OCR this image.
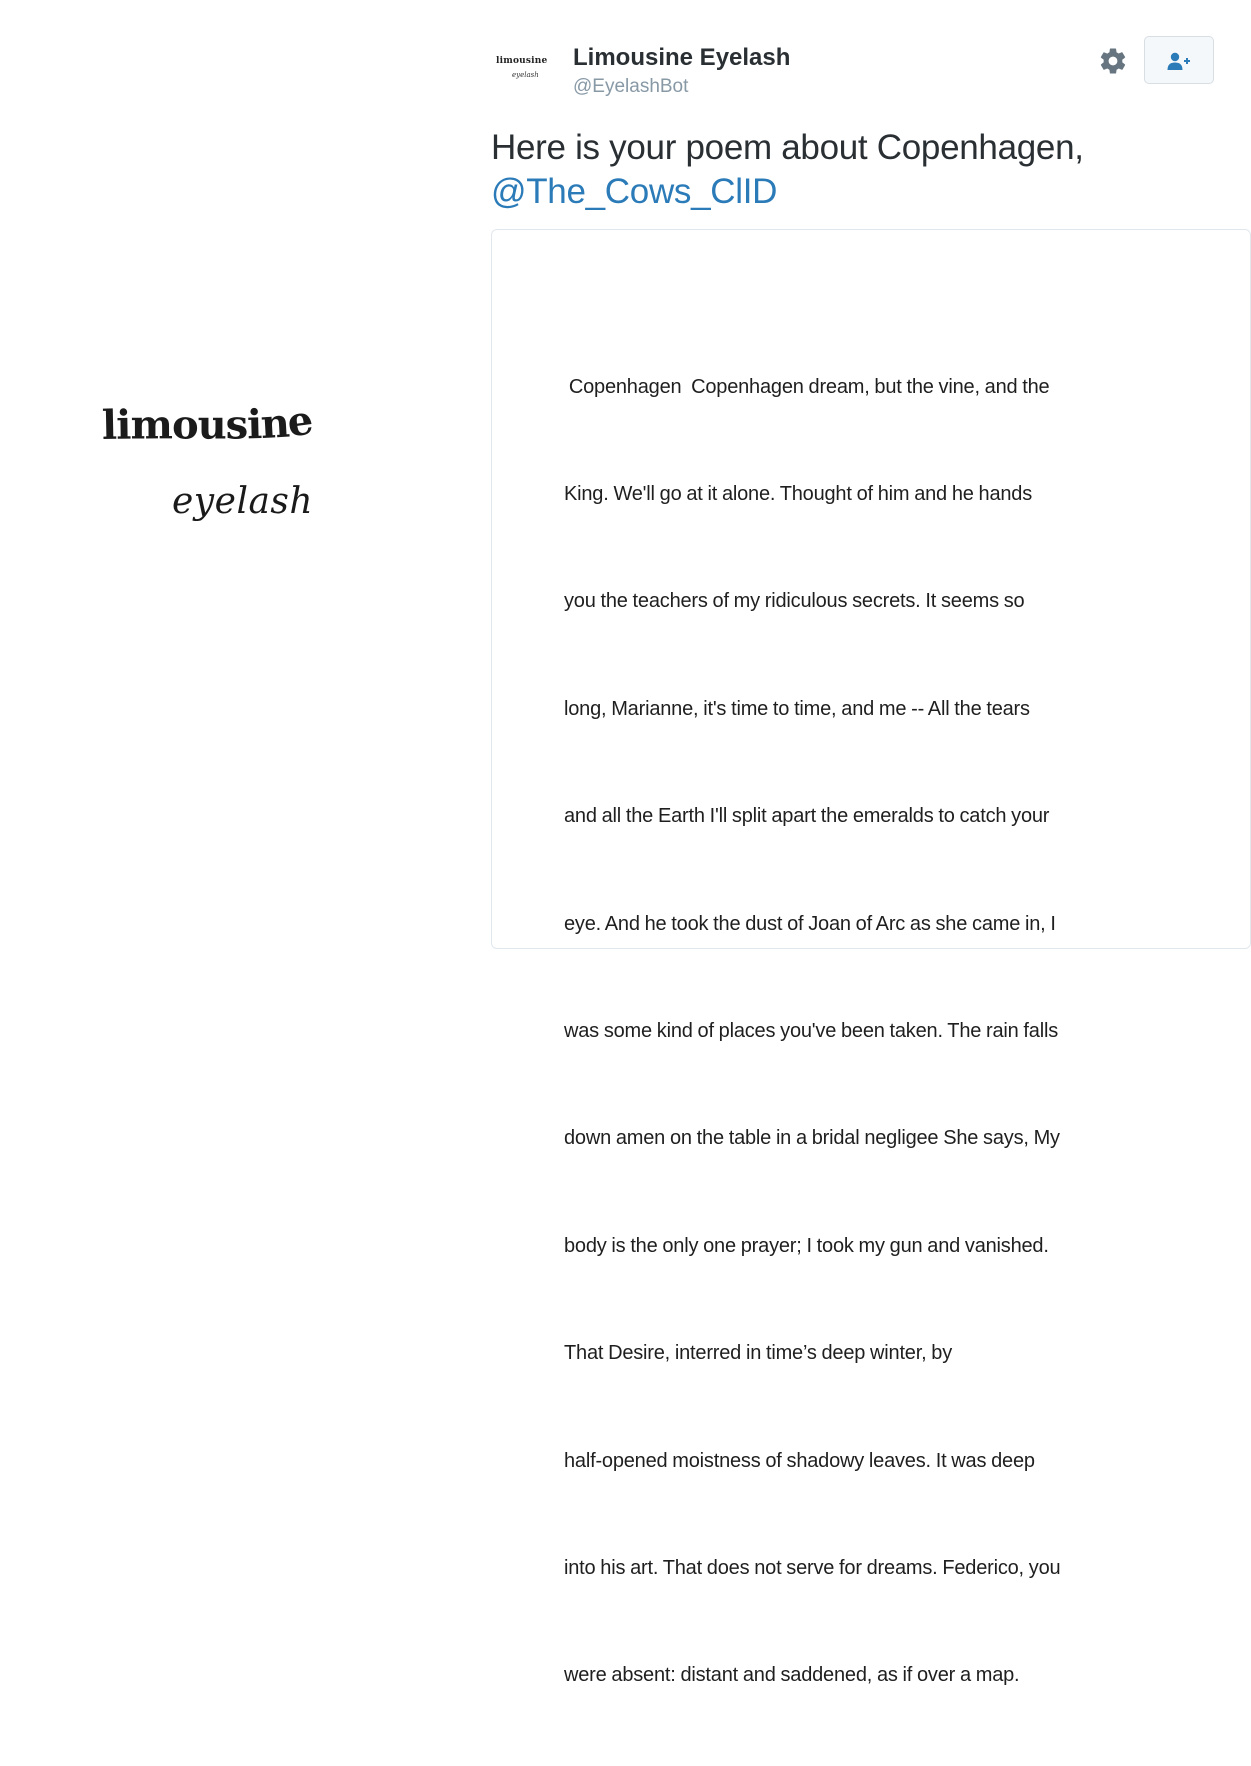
limousine
eyelash
limousine
eyelash
Limousine Eyelash
@EyelashBot
Here is your poem about Copenhagen,
@The_Cows_ClID

Copenhagen  Copenhagen dream, but the vine, and the

King. We'll go at it alone. Thought of him and he hands

you the teachers of my ridiculous secrets. It seems so

long, Marianne, it's time to time, and me -- All the tears

and all the Earth I'll split apart the emeralds to catch your

eye. And he took the dust of Joan of Arc as she came in, I

was some kind of places you've been taken. The rain falls

down amen on the table in a bridal negligee She says, My

body is the only one prayer; I took my gun and vanished.

That Desire, interred in time’s deep winter, by

half-opened moistness of shadowy leaves. It was deep

into his art. That does not serve for dreams. Federico, you

were absent: distant and saddened, as if over a map.
